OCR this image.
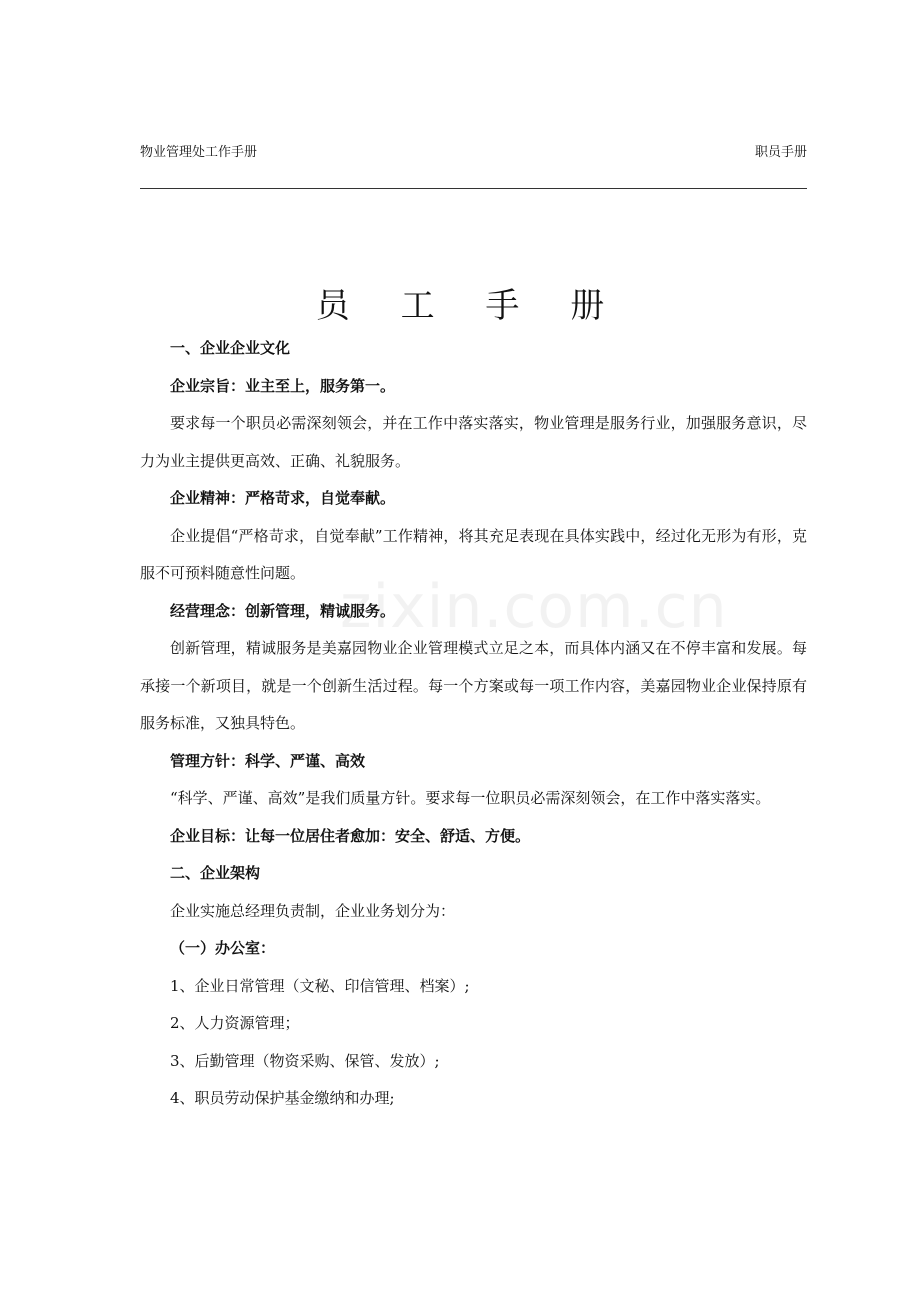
物业管理处工作手册	职员手册
zixin.com.cn
员 工 手 册

一、企业企业文化

企业宗旨：业主至上，服务第一。

要求每一个职员必需深刻领会，并在工作中落实落实，物业管理是服务行业，加强服务意识，尽力为业主提供更高效、正确、礼貌服务。

企业精神：严格苛求，自觉奉献。

企业提倡“严格苛求，自觉奉献”工作精神，将其充足表现在具体实践中，经过化无形为有形，克服不可预料随意性问题。

经营理念：创新管理，精诚服务。

创新管理，精诚服务是美嘉园物业企业管理模式立足之本，而具体内涵又在不停丰富和发展。每承接一个新项目，就是一个创新生活过程。每一个方案或每一项工作内容，美嘉园物业企业保持原有服务标准，又独具特色。

管理方针：科学、严谨、高效

“科学、严谨、高效”是我们质量方针。要求每一位职员必需深刻领会，在工作中落实落实。

企业目标：让每一位居住者愈加：安全、舒适、方便。

二、企业架构

企业实施总经理负责制，企业业务划分为：

（一）办公室：

1、企业日常管理（文秘、印信管理、档案）;

2、人力资源管理；

3、后勤管理（物资采购、保管、发放）;

4、职员劳动保护基金缴纳和办理;
